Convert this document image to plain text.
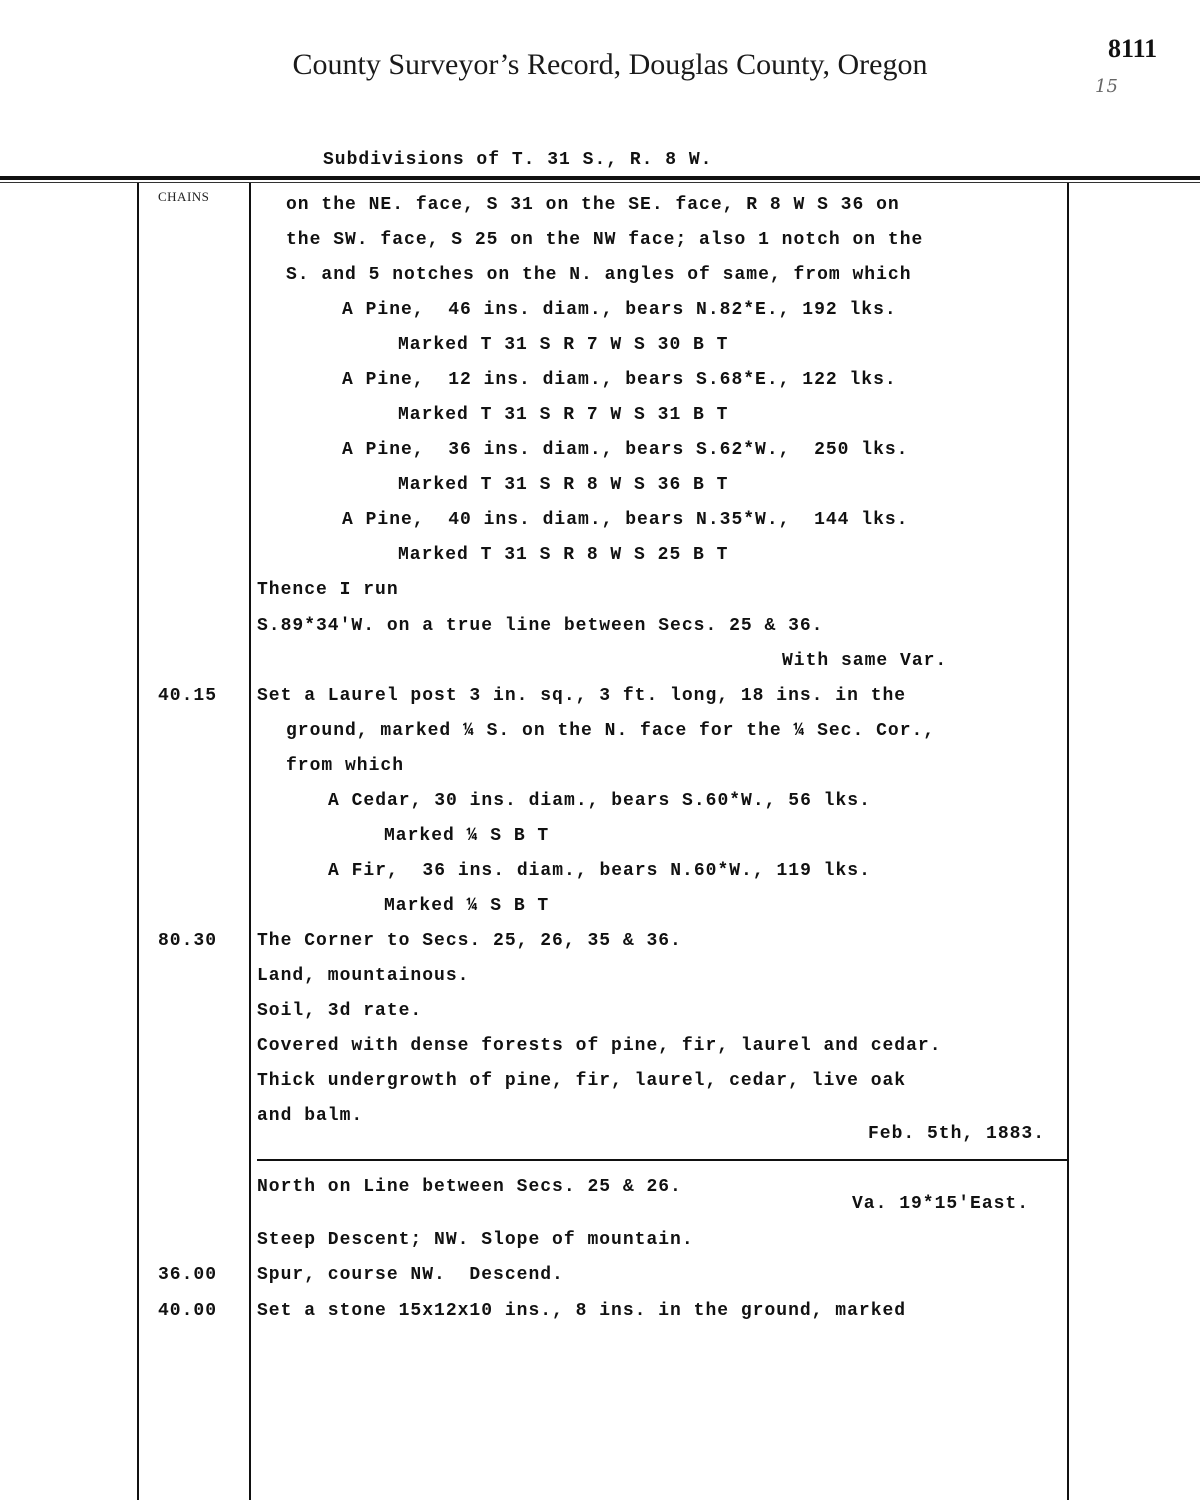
County Surveyor’s Record, Douglas County, Oregon	8111
15
Subdivisions of T. 31 S., R. 8 W.
CHAINS
40.15
80.30
36.00
40.00
on the NE. face, S 31 on the SE. face, R 8 W S 36 on
the SW. face, S 25 on the NW face; also 1 notch on the
S. and 5 notches on the N. angles of same, from which
A Pine,  46 ins. diam., bears N.82*E., 192 lks.
Marked T 31 S R 7 W S 30 B T
A Pine,  12 ins. diam., bears S.68*E., 122 lks.
Marked T 31 S R 7 W S 31 B T
A Pine,  36 ins. diam., bears S.62*W.,  250 lks.
Marked T 31 S R 8 W S 36 B T
A Pine,  40 ins. diam., bears N.35*W.,  144 lks.
Marked T 31 S R 8 W S 25 B T
Thence I run
S.89*34'W. on a true line between Secs. 25 & 36.
With same Var.
Set a Laurel post 3 in. sq., 3 ft. long, 18 ins. in the
ground, marked ¼ S. on the N. face for the ¼ Sec. Cor.,
from which
A Cedar, 30 ins. diam., bears S.60*W., 56 lks.
Marked ¼ S B T
A Fir,  36 ins. diam., bears N.60*W., 119 lks.
Marked ¼ S B T
The Corner to Secs. 25, 26, 35 & 36.
Land, mountainous.
Soil, 3d rate.
Covered with dense forests of pine, fir, laurel and cedar.
Thick undergrowth of pine, fir, laurel, cedar, live oak
and balm.
Feb. 5th, 1883.
North on Line between Secs. 25 & 26.
Va. 19*15'East.
Steep Descent; NW. Slope of mountain.
Spur, course NW.  Descend.
Set a stone 15x12x10 ins., 8 ins. in the ground, marked
